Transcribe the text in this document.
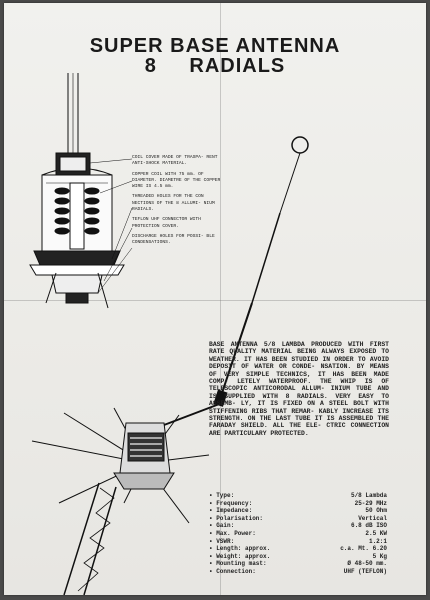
SUPER BASE ANTENNA
8 RADIALS

COIL COVER MADE OF TRASPA- RENT ANTI-SHOCK MATERIAL.

COPPER COIL WITH 75 mm. OF DIAMETER. DIAMETRE OF THE COPPER WIRE IS 4.5 mm.

THREADED HOLES FOR THE CON NECTIONS OF THE 8 ALLUMI- NIUM RADIALS.

TEFLON UHF CONNECTOR WITH PROTECTION COVER.

DISCHARGE HOLES FOR POSSI- BLE CONDENSATIONS.

BASE ANTENNA 5/8 LAMBDA PRODUCED WITH FIRST RATE QUALITY MATERIAL BEING ALWAYS EXPOSED TO WEATHER. IT HAS BEEN STUDIED IN ORDER TO AVOID DEPOSIT OF WATER OR CONDE- NSATION. BY MEANS OF VERY SIMPLE TECHNICS, IT HAS BEEN MADE COMP- LETELY WATERPROOF. THE WHIP IS OF TELESCOPIC ANTICORODAL ALLUM- INIUM TUBE AND IS SUPPLIED WITH 8 RADIALS. VERY EASY TO ASSEMB- LY, IT IS FIXED ON A STEEL BOLT WITH STIFFENING RIBS THAT REMAR- KABLY INCREASE ITS STRENGTH. ON THE LAST TUBE IT IS ASSEMBLED THE FARADAY SHIELD. ALL THE ELE- CTRIC CONNECTION ARE PARTICULARY PROTECTED.
• Type:	5/8 Lambda
• Frequency:	25-29 MHz
• Impedance:	50 Ohm
• Polarisation:	Vertical
• Gain:	6.8 dB ISO
• Max. Power:	2.5 KW
• VSWR:	1.2:1
• Length: approx.	c.a. Mt. 6.20
• Weight: approx.	5 Kg
• Mounting mast:	Ø 48-50 mm.
• Connection:	UHF (TEFLON)
